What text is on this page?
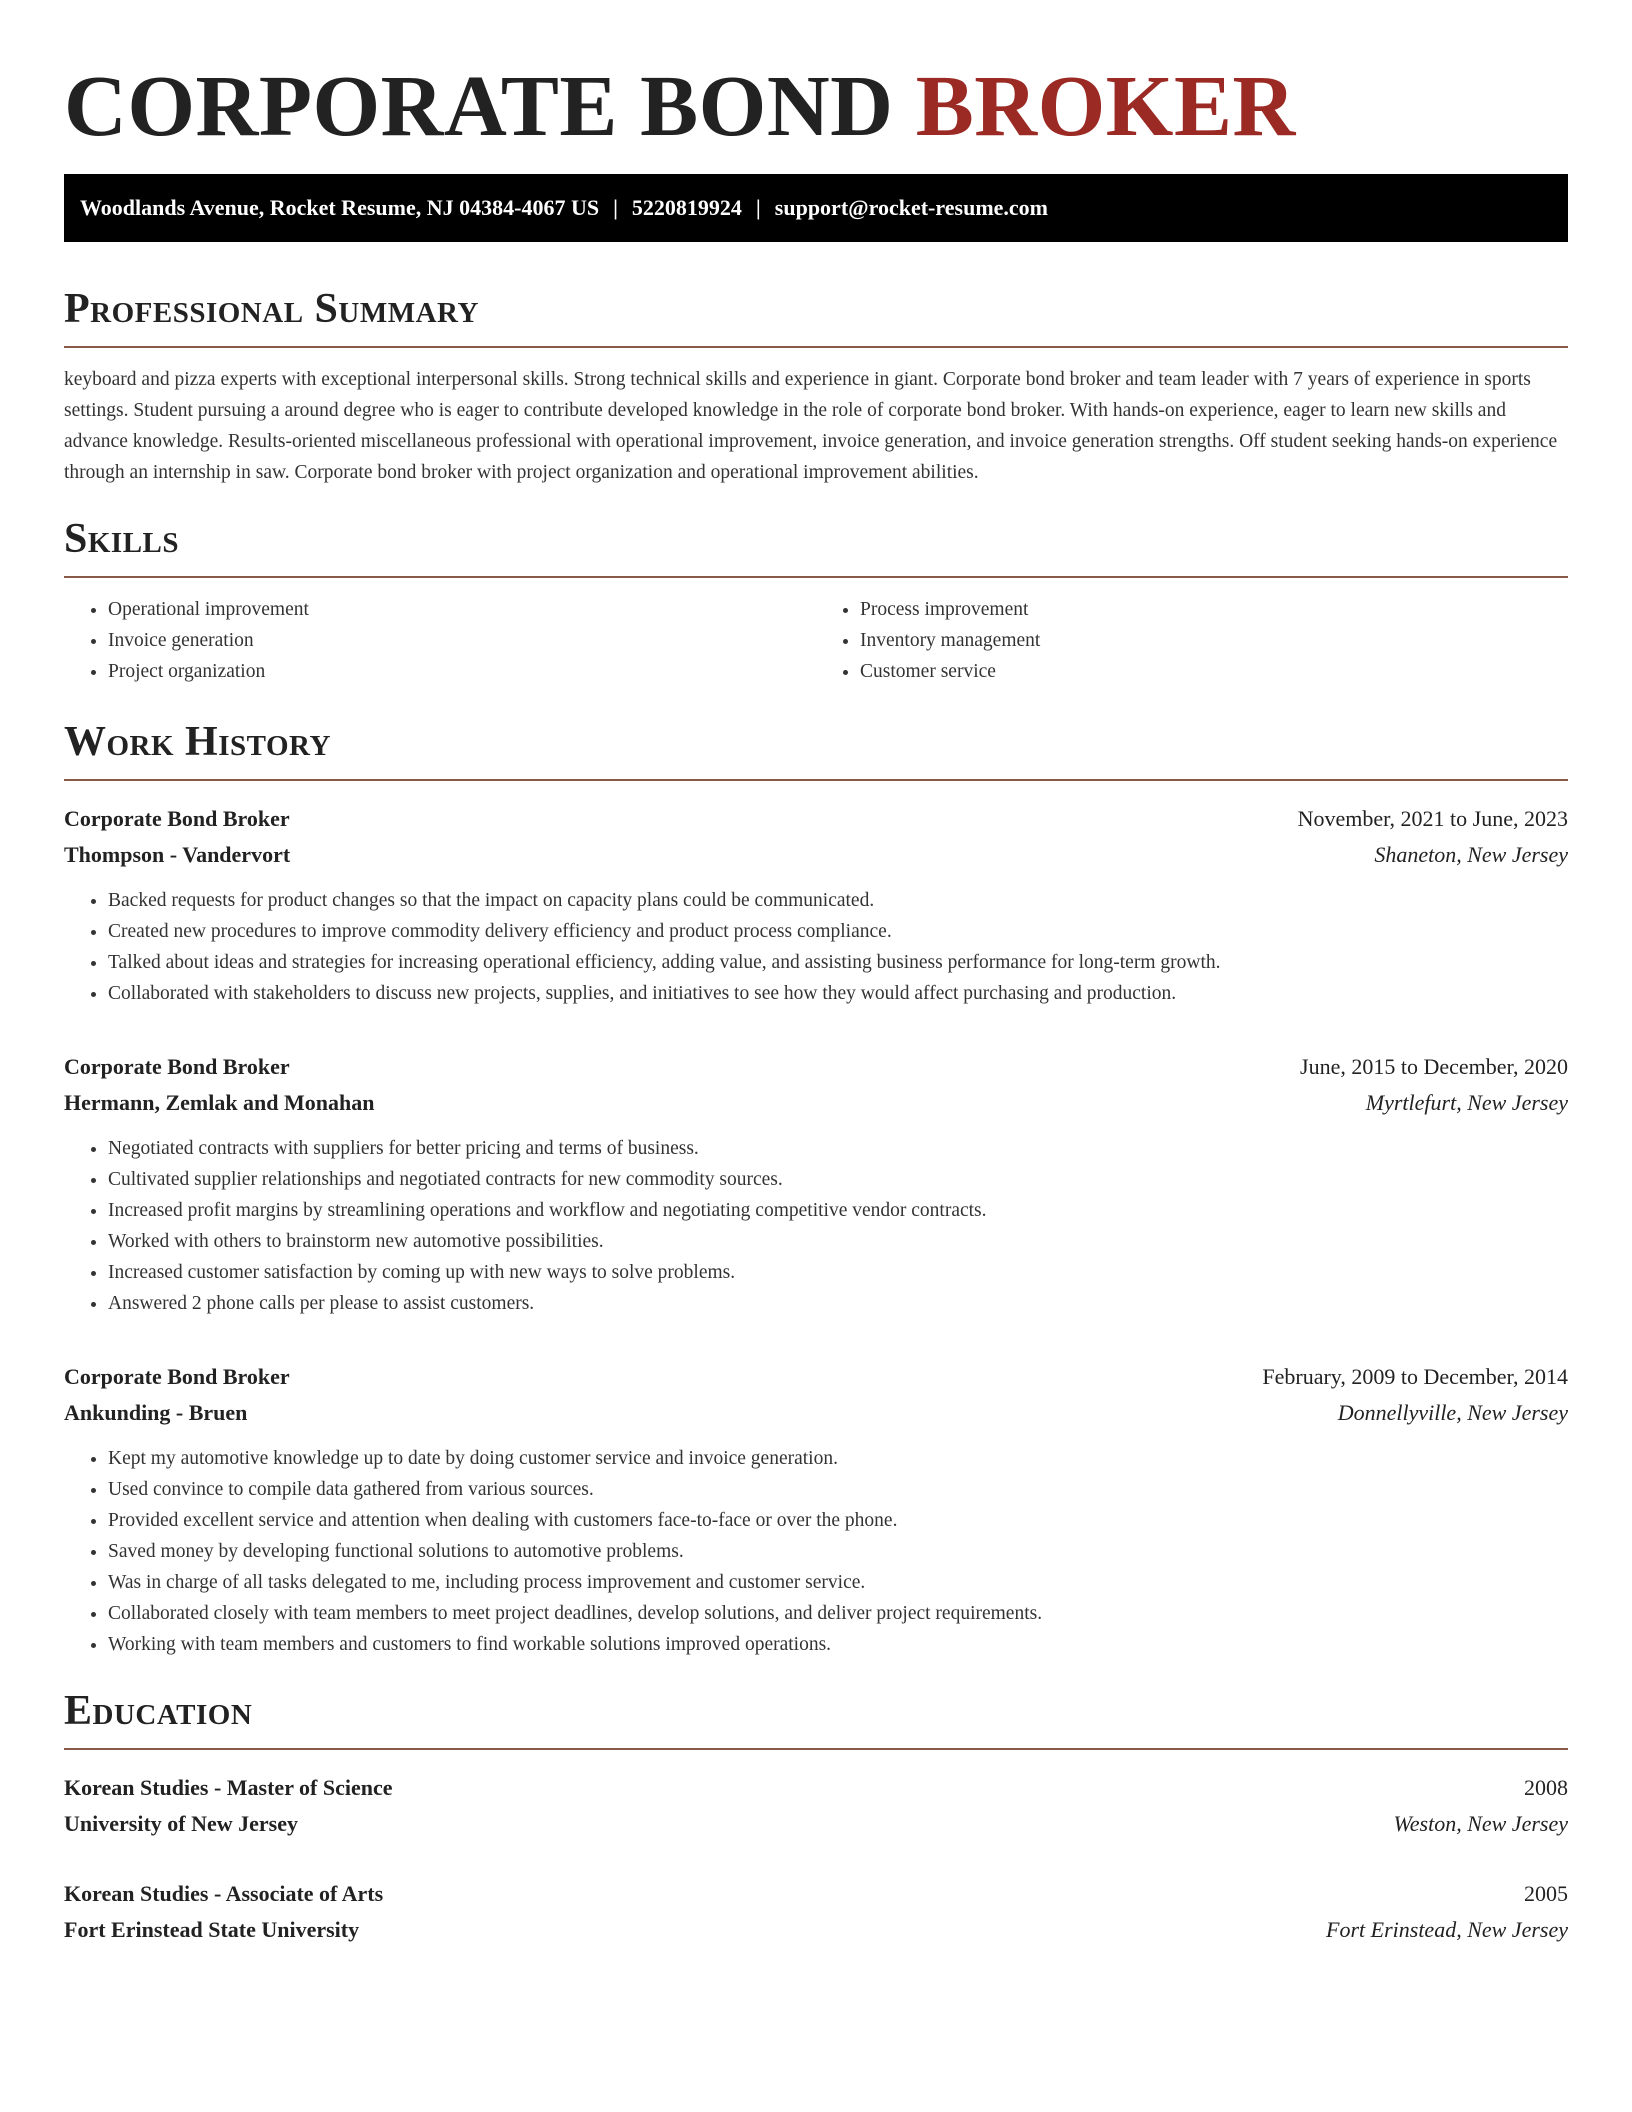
CORPORATE BOND BROKER
Woodlands Avenue, Rocket Resume, NJ 04384-4067 US | 5220819924 | support@rocket-resume.com
Professional Summary

keyboard and pizza experts with exceptional interpersonal skills. Strong technical skills and experience in giant. Corporate bond broker and team leader with 7 years of experience in sports settings. Student pursuing a around degree who is eager to contribute developed knowledge in the role of corporate bond broker. With hands-on experience, eager to learn new skills and advance knowledge. Results-oriented miscellaneous professional with operational improvement, invoice generation, and invoice generation strengths. Off student seeking hands-on experience through an internship in saw. Corporate bond broker with project organization and operational improvement abilities.

Skills
• Operational improvement
• Invoice generation
• Project organization
• Process improvement
• Inventory management
• Customer service
Work History
Corporate Bond Broker	November, 2021 to June, 2023
Thompson - Vandervort	Shaneton, New Jersey
• Backed requests for product changes so that the impact on capacity plans could be communicated.
• Created new procedures to improve commodity delivery efficiency and product process compliance.
• Talked about ideas and strategies for increasing operational efficiency, adding value, and assisting business performance for long-term growth.
• Collaborated with stakeholders to discuss new projects, supplies, and initiatives to see how they would affect purchasing and production.
Corporate Bond Broker	June, 2015 to December, 2020
Hermann, Zemlak and Monahan	Myrtlefurt, New Jersey
• Negotiated contracts with suppliers for better pricing and terms of business.
• Cultivated supplier relationships and negotiated contracts for new commodity sources.
• Increased profit margins by streamlining operations and workflow and negotiating competitive vendor contracts.
• Worked with others to brainstorm new automotive possibilities.
• Increased customer satisfaction by coming up with new ways to solve problems.
• Answered 2 phone calls per please to assist customers.
Corporate Bond Broker	February, 2009 to December, 2014
Ankunding - Bruen	Donnellyville, New Jersey
• Kept my automotive knowledge up to date by doing customer service and invoice generation.
• Used convince to compile data gathered from various sources.
• Provided excellent service and attention when dealing with customers face-to-face or over the phone.
• Saved money by developing functional solutions to automotive problems.
• Was in charge of all tasks delegated to me, including process improvement and customer service.
• Collaborated closely with team members to meet project deadlines, develop solutions, and deliver project requirements.
• Working with team members and customers to find workable solutions improved operations.
Education
Korean Studies - Master of Science	2008
University of New Jersey	Weston, New Jersey
Korean Studies - Associate of Arts	2005
Fort Erinstead State University	Fort Erinstead, New Jersey
